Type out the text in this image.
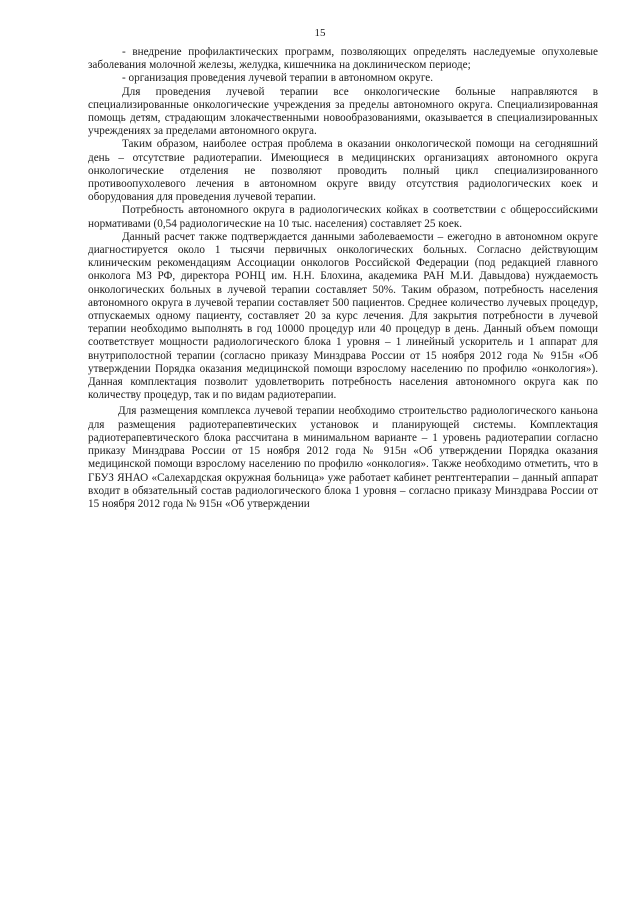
15

- внедрение профилактических программ, позволяющих определять наследуемые опухолевые заболевания молочной железы, желудка, кишечника на доклиническом периоде;

- организация проведения лучевой терапии в автономном округе.

Для проведения лучевой терапии все онкологические больные направляются в специализированные онкологические учреждения за пределы автономного округа. Специализированная помощь детям, страдающим злокачественными новообразованиями, оказывается в специализированных учреждениях за пределами автономного округа.

Таким образом, наиболее острая проблема в оказании онкологической помощи на сегодняшний день – отсутствие радиотерапии. Имеющиеся в медицинских организациях автономного округа онкологические отделения не позволяют проводить полный цикл специализированного противоопухолевого лечения в автономном округе ввиду отсутствия радиологических коек и оборудования для проведения лучевой терапии.

Потребность автономного округа в радиологических койках в соответствии с общероссийскими нормативами (0,54 радиологические на 10 тыс. населения) составляет 25 коек.

Данный расчет также подтверждается данными заболеваемости – ежегодно в автономном округе диагностируется около 1 тысячи первичных онкологических больных. Согласно действующим клиническим рекомендациям Ассоциации онкологов Российской Федерации (под редакцией главного онколога МЗ РФ, директора РОНЦ им. Н.Н. Блохина, академика РАН М.И. Давыдова) нуждаемость онкологических больных в лучевой терапии составляет 50%. Таким образом, потребность населения автономного округа в лучевой терапии составляет 500 пациентов. Среднее количество лучевых процедур, отпускаемых одному пациенту, составляет 20 за курс лечения. Для закрытия потребности в лучевой терапии необходимо выполнять в год 10000 процедур или 40 процедур в день. Данный объем помощи соответствует мощности радиологического блока 1 уровня – 1 линейный ускоритель и 1 аппарат для внутриполостной терапии (согласно приказу Минздрава России от 15 ноября 2012 года № 915н «Об утверждении Порядка оказания медицинской помощи взрослому населению по профилю «онкология»). Данная комплектация позволит удовлетворить потребность населения автономного округа как по количеству процедур, так и по видам радиотерапии.

Для размещения комплекса лучевой терапии необходимо строительство радиологического каньона для размещения радиотерапевтических установок и планирующей системы. Комплектация радиотерапевтического блока рассчитана в минимальном варианте – 1 уровень радиотерапии согласно приказу Минздрава России от 15 ноября 2012 года № 915н «Об утверждении Порядка оказания медицинской помощи взрослому населению по профилю «онкология». Также необходимо отметить, что в ГБУЗ ЯНАО «Салехардская окружная больница» уже работает кабинет рентгентерапии – данный аппарат входит в обязательный состав радиологического блока 1 уровня – согласно приказу Минздрава России от 15 ноября 2012 года № 915н «Об утверждении
